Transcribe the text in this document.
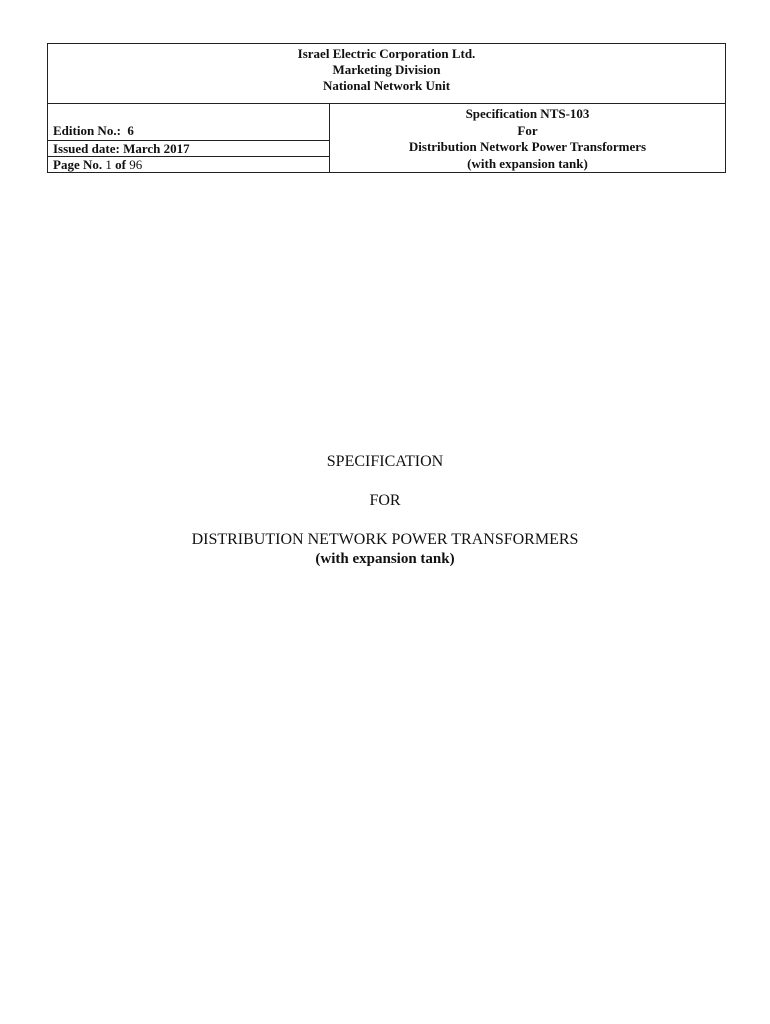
Israel Electric Corporation Ltd.
Marketing Division
National Network Unit
Edition No.: 6
Issued date: March 2017
Page No. 1 of 96
Specification NTS-103
For
Distribution Network Power Transformers
(with expansion tank)
SPECIFICATION
FOR
DISTRIBUTION NETWORK POWER TRANSFORMERS
(with expansion tank)
